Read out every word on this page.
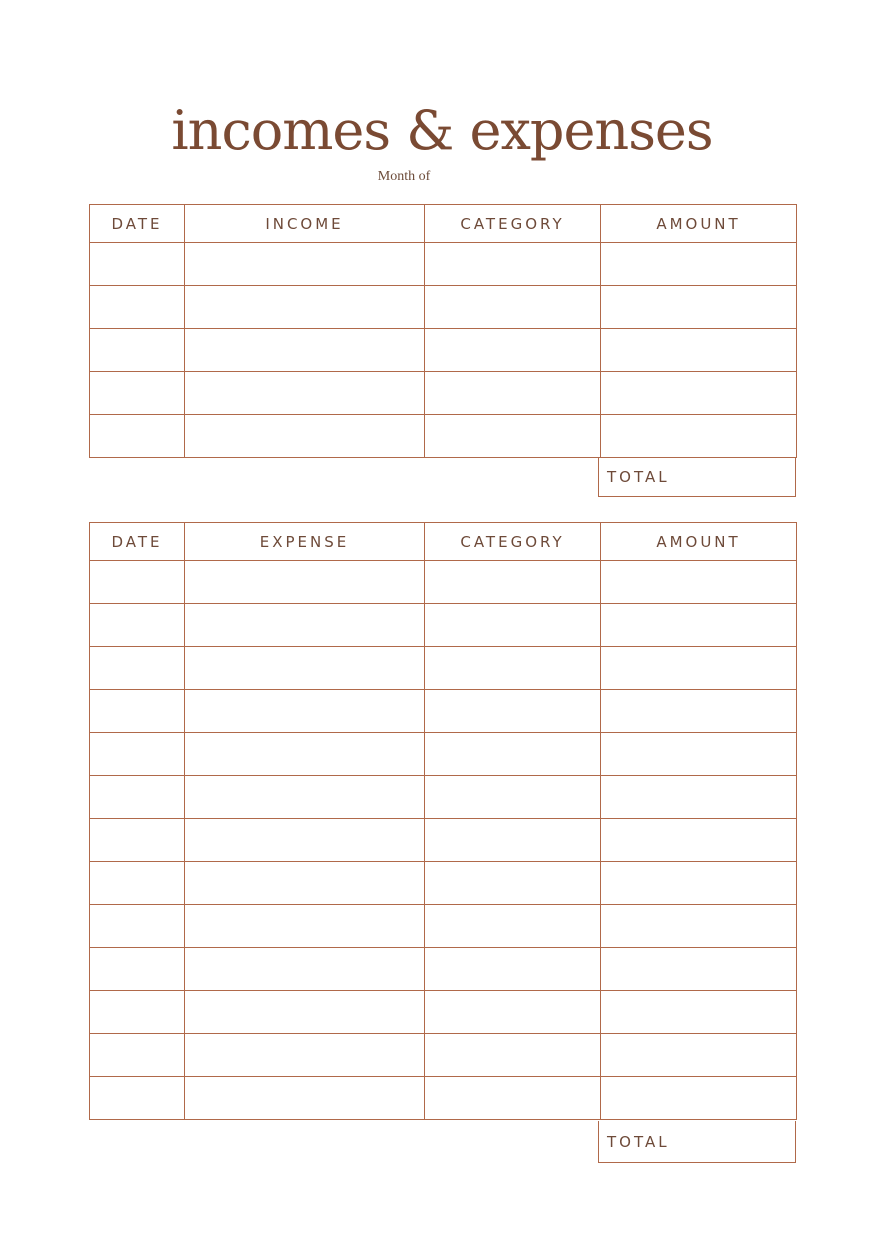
incomes & expenses
Month of
DATE	INCOME	CATEGORY	AMOUNT

TOTAL
DATE	EXPENSE	CATEGORY	AMOUNT

TOTAL
